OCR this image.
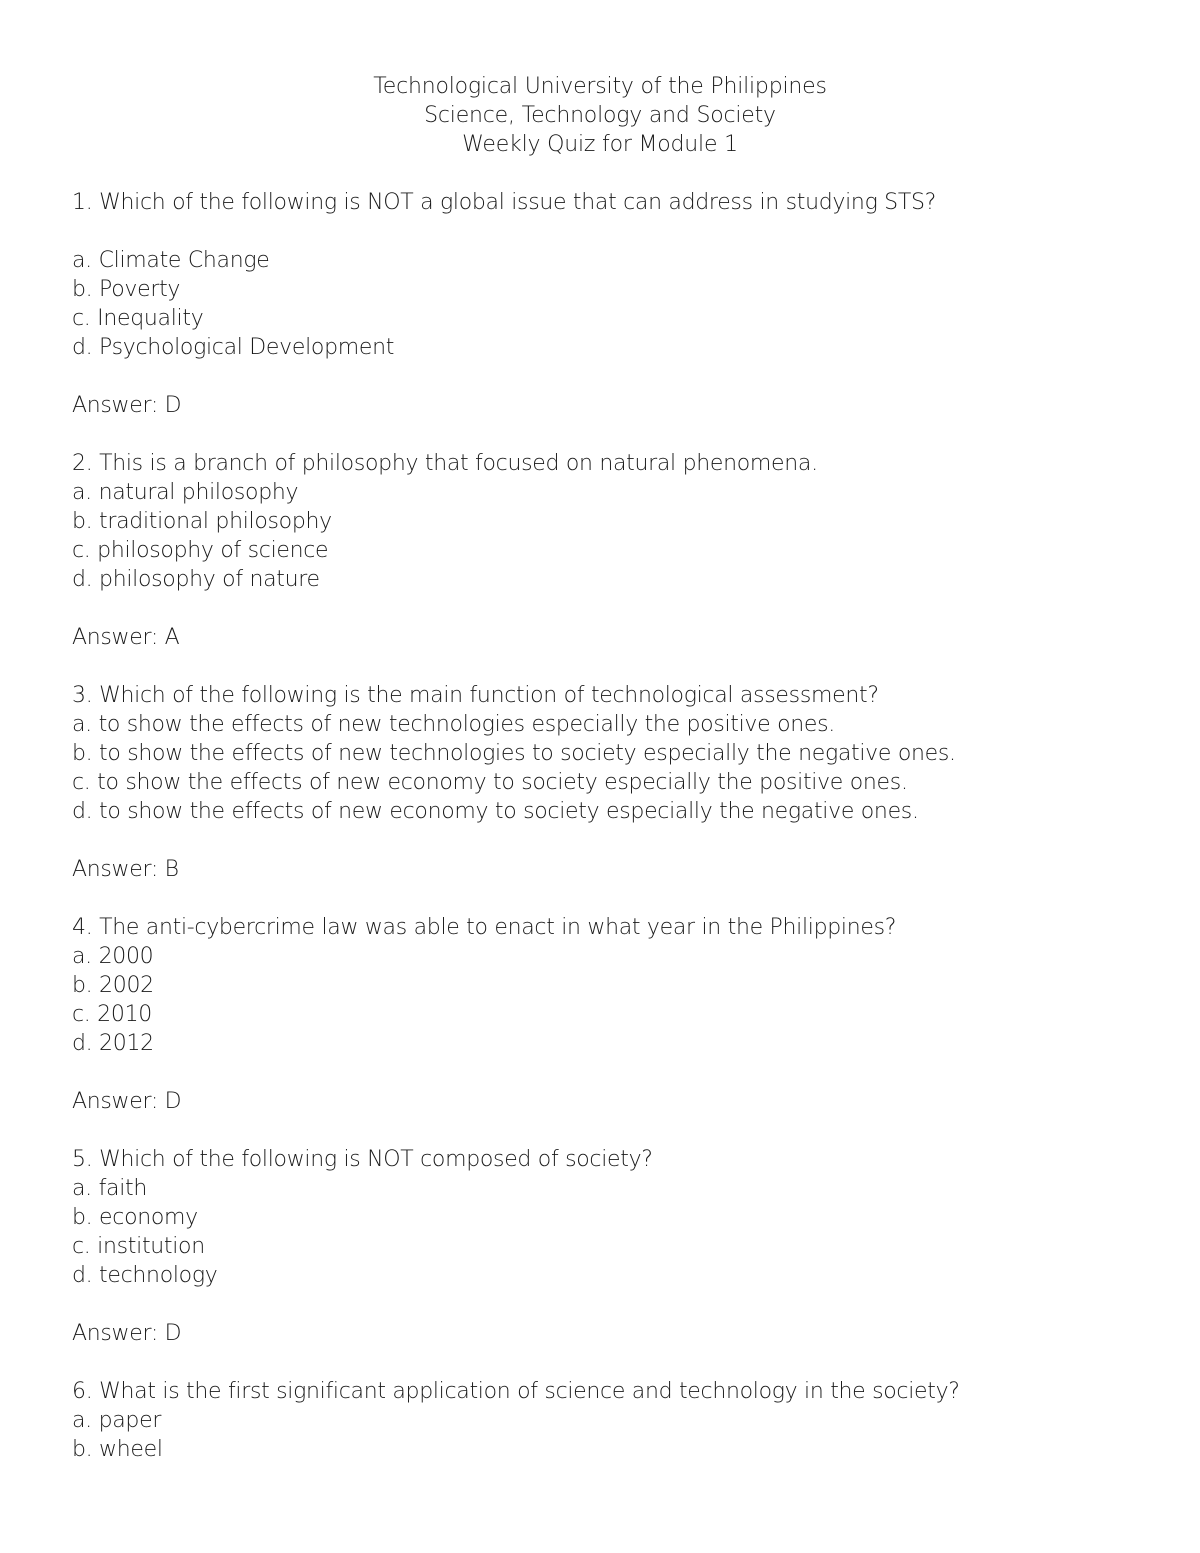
Technological University of the Philippines
Science, Technology and Society
Weekly Quiz for Module 1
1. Which of the following is NOT a global issue that can address in studying STS?
a. Climate Change
b. Poverty
c. Inequality
d. Psychological Development
Answer: D
2. This is a branch of philosophy that focused on natural phenomena.
a. natural philosophy
b. traditional philosophy
c. philosophy of science
d. philosophy of nature
Answer: A
3. Which of the following is the main function of technological assessment?
a. to show the effects of new technologies especially the positive ones.
b. to show the effects of new technologies to society especially the negative ones.
c. to show the effects of new economy to society especially the positive ones.
d. to show the effects of new economy to society especially the negative ones.
Answer: B
4. The anti-cybercrime law was able to enact in what year in the Philippines?
a. 2000
b. 2002
c. 2010
d. 2012
Answer: D
5. Which of the following is NOT composed of society?
a. faith
b. economy
c. institution
d. technology
Answer: D
6. What is the first significant application of science and technology in the society?
a. paper
b. wheel
